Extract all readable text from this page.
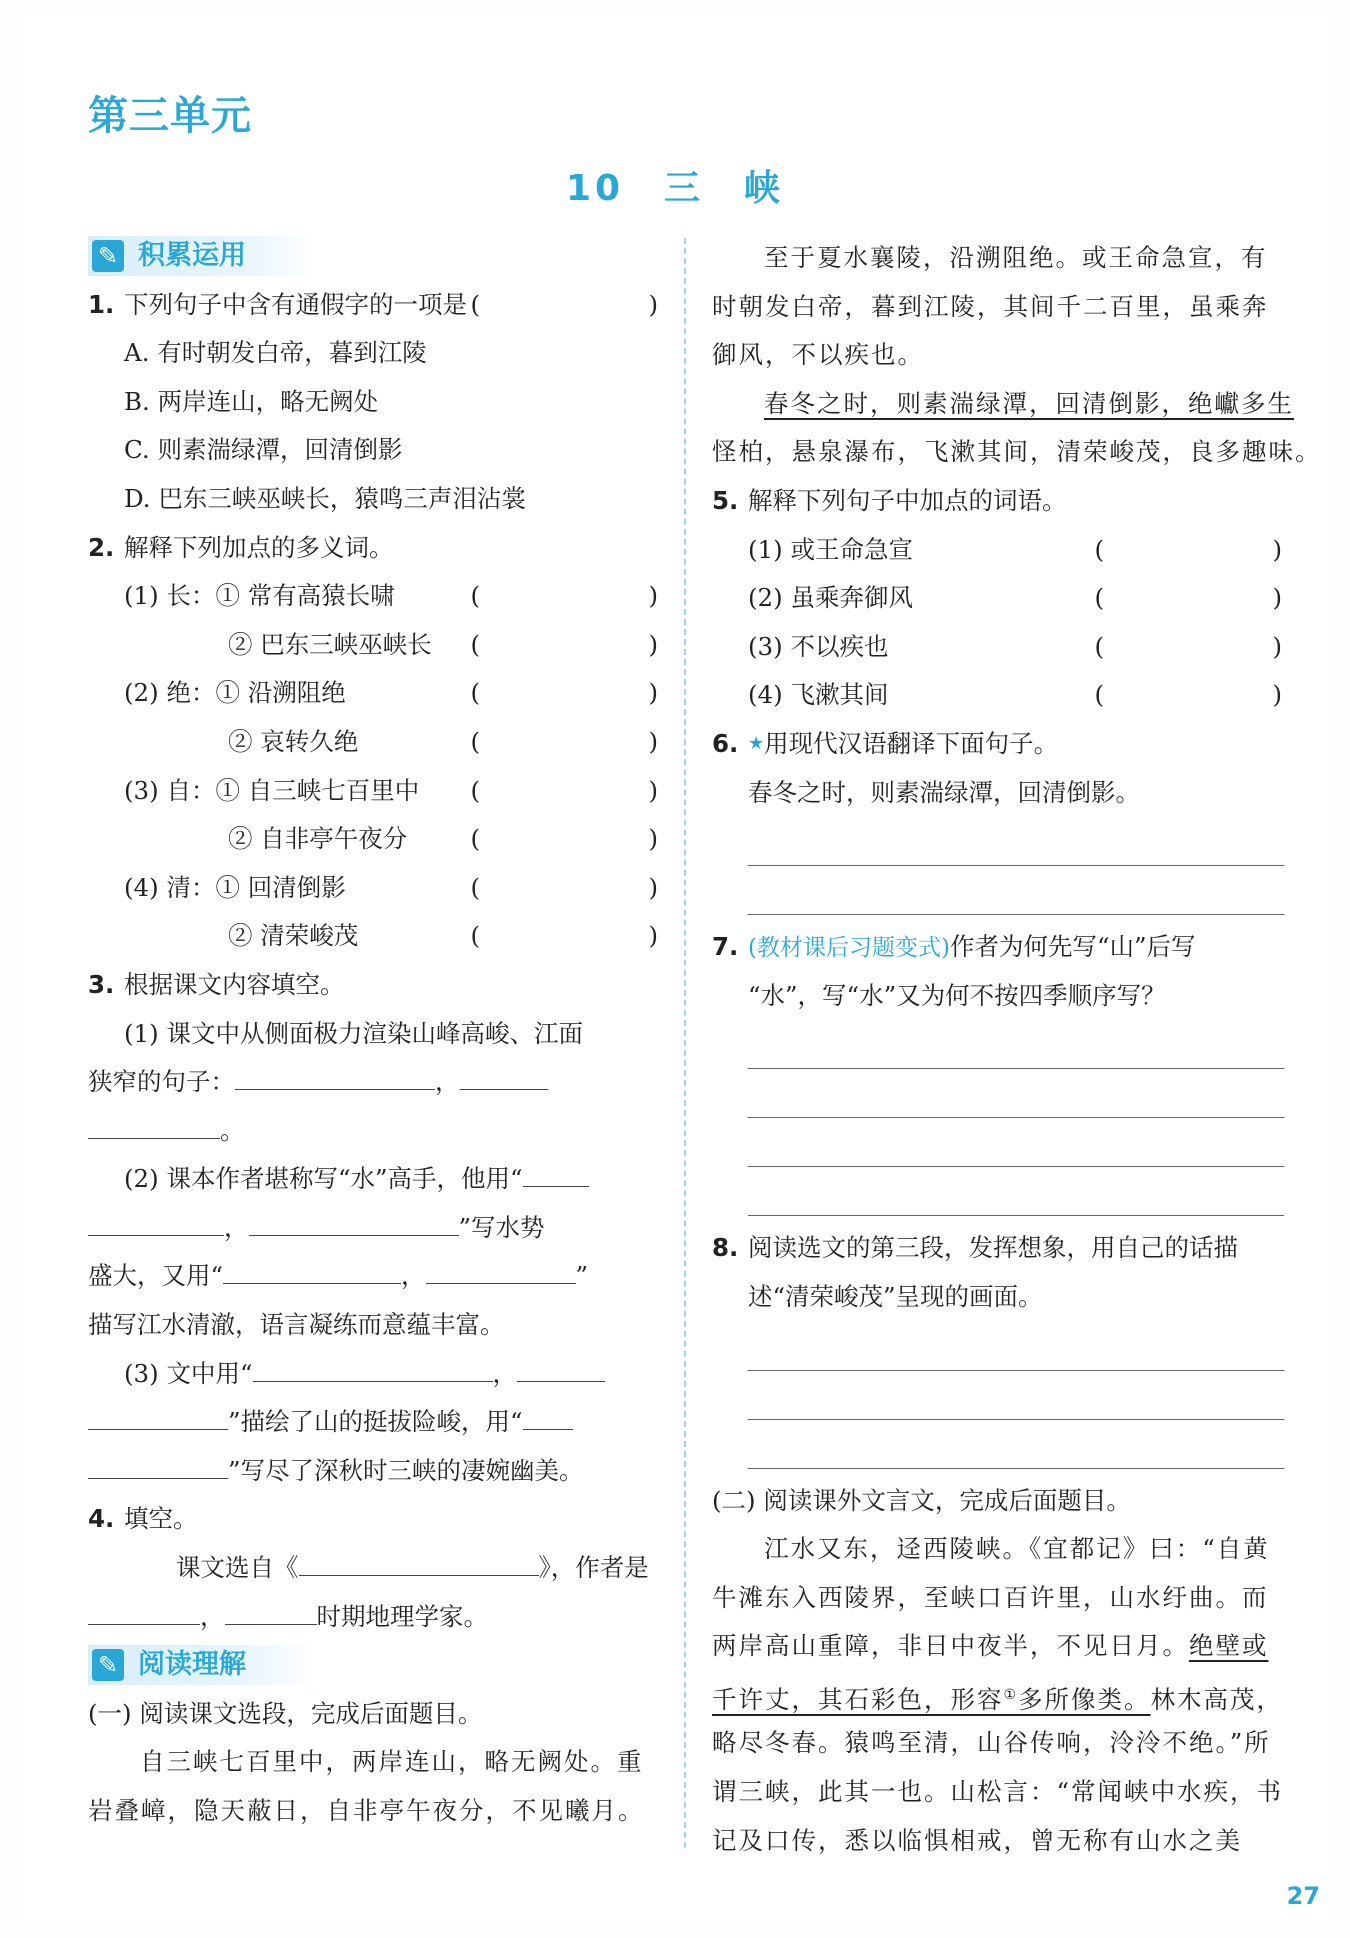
第三单元
10　三　峡
✎ 积累运用
1. 下列句子中含有通假字的一项是 (	)
A. 有时朝发白帝，暮到江陵
B. 两岸连山，略无阙处
C. 则素湍绿潭，回清倒影
D. 巴东三峡巫峡长，猿鸣三声泪沾裳
2. 解释下列加点的多义词。
(1) 长：① 常有高猿长啸	(	)
② 巴东三峡巫峡长 (	)
(2) 绝：① 沿溯阻绝	(	)
② 哀转久绝	(	)
(3) 自：① 自三峡七百里中 (	)
② 自非亭午夜分	(	)
(4) 清：① 回清倒影	(	)
② 清荣峻茂	(	)
3. 根据课文内容填空。
(1) 课文中从侧面极力渲染山峰高峻、江面
狭窄的句子：	，
。
(2) 课本作者堪称写“水”高手，他用“
，	”写水势
盛大，又用“	，	”
描写江水清澈，语言凝练而意蕴丰富。
(3) 文中用“	，
”描绘了山的挺拔险峻，用“
”写尽了深秋时三峡的凄婉幽美。
4. 填空。
课文选自《	》，作者是
，	时期地理学家。
✎ 阅读理解
(一) 阅读课文选段，完成后面题目。
自三峡七百里中，两岸连山，略无阙处。重
岩叠嶂，隐天蔽日，自非亭午夜分，不见曦月。
至于夏水襄陵，沿溯阻绝。或王命急宣，有
时朝发白帝，暮到江陵，其间千二百里，虽乘奔
御风，不以疾也。
春冬之时，则素湍绿潭，回清倒影，绝巘多生
怪柏，悬泉瀑布，飞漱其间，清荣峻茂，良多趣味。
5. 解释下列句子中加点的词语。
(1) 或王命急宣	(	)
(2) 虽乘奔御风	(	)
(3) 不以疾也	(	)
(4) 飞漱其间	(	)
6. ★用现代汉语翻译下面句子。
春冬之时，则素湍绿潭，回清倒影。
7. (教材课后习题变式)作者为何先写“山”后写
“水”，写“水”又为何不按四季顺序写？
8. 阅读选文的第三段，发挥想象，用自己的话描
述“清荣峻茂”呈现的画面。
(二) 阅读课外文言文，完成后面题目。
江水又东，迳西陵峡。《宜都记》曰：“自黄
牛滩东入西陵界，至峡口百许里，山水纡曲。而
两岸高山重障，非日中夜半，不见日月。绝壁或
千许丈，其石彩色，形容①多所像类。林木高茂，
略尽冬春。猿鸣至清，山谷传响，泠泠不绝。”所
谓三峡，此其一也。山松言：“常闻峡中水疾，书
记及口传，悉以临惧相戒，曾无称有山水之美
27
